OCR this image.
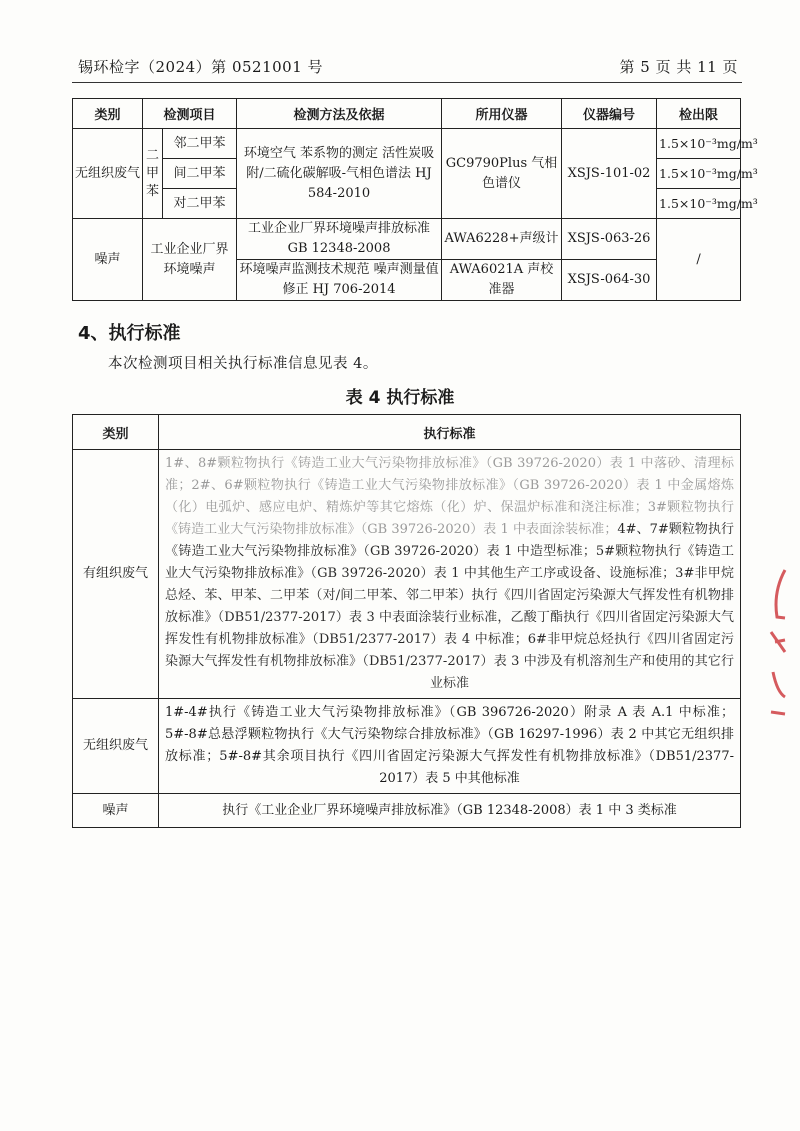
锡环检字（2024）第 0521001 号	第 5 页 共 11 页
类别	检测项目		检测方法及依据	所用仪器	仪器编号	检出限
无组织废气	二甲苯	邻二甲苯	环境空气 苯系物的测定 活性炭吸附/二硫化碳解吸-气相色谱法 HJ 584-2010	GC9790Plus 气相色谱仪	XSJS-101-02	1.5×10⁻³mg/m³
		间二甲苯				1.5×10⁻³mg/m³
		对二甲苯				1.5×10⁻³mg/m³
噪声	工业企业厂界环境噪声		工业企业厂界环境噪声排放标准 GB 12348-2008	AWA6228+声级计	XSJS-063-26	/
			环境噪声监测技术规范 噪声测量值修正 HJ 706-2014	AWA6021A 声校准器	XSJS-064-30	
4、执行标准
本次检测项目相关执行标准信息见表 4。
表 4 执行标准
类别	执行标准
有组织废气	1#、8#颗粒物执行《铸造工业大气污染物排放标准》（GB 39726-2020）表 1 中落砂、清理标准；2#、6#颗粒物执行《铸造工业大气污染物排放标准》（GB 39726-2020）表 1 中金属熔炼（化）电弧炉、感应电炉、精炼炉等其它熔炼（化）炉、保温炉标准和浇注标准；3#颗粒物执行《铸造工业大气污染物排放标准》（GB 39726-2020）表 1 中表面涂装标准；4#、7#颗粒物执行《铸造工业大气污染物排放标准》（GB 39726-2020）表 1 中造型标准；5#颗粒物执行《铸造工业大气污染物排放标准》（GB 39726-2020）表 1 中其他生产工序或设备、设施标准；3#非甲烷总烃、苯、甲苯、二甲苯（对/间二甲苯、邻二甲苯）执行《四川省固定污染源大气挥发性有机物排放标准》（DB51/2377-2017）表 3 中表面涂装行业标准，乙酸丁酯执行《四川省固定污染源大气挥发性有机物排放标准》（DB51/2377-2017）表 4 中标准；6#非甲烷总烃执行《四川省固定污染源大气挥发性有机物排放标准》（DB51/2377-2017）表 3 中涉及有机溶剂生产和使用的其它行业标准
无组织废气	1#-4#执行《铸造工业大气污染物排放标准》（GB 396726-2020）附录 A 表 A.1 中标准；5#-8#总悬浮颗粒物执行《大气污染物综合排放标准》（GB 16297-1996）表 2 中其它无组织排放标准；5#-8#其余项目执行《四川省固定污染源大气挥发性有机物排放标准》（DB51/2377-2017）表 5 中其他标准
噪声	执行《工业企业厂界环境噪声排放标准》（GB 12348-2008）表 1 中 3 类标准
